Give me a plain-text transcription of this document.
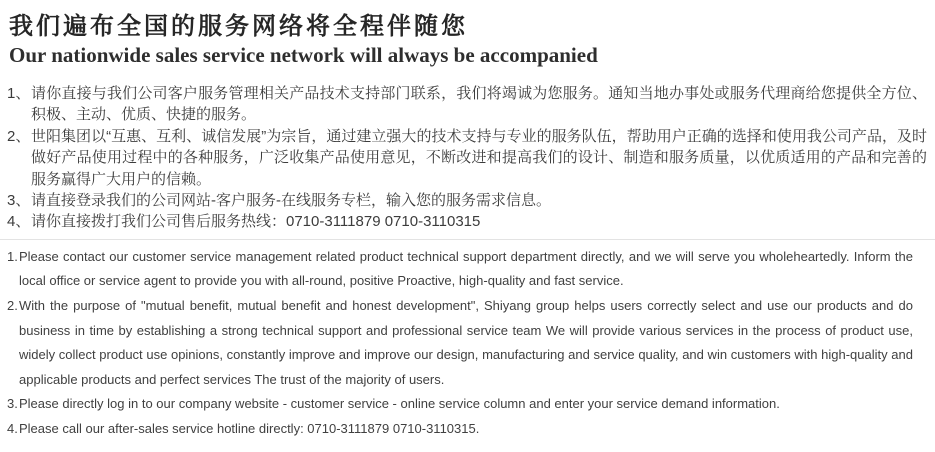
我们遍布全国的服务网络将全程伴随您
Our nationwide sales service network will always be accompanied
1、 请你直接与我们公司客户服务管理相关产品技术支持部门联系，我们将竭诚为您服务。通知当地办事处或服务代理商给您提供全方位、积极、主动、优质、快捷的服务。
2、 世阳集团以“互惠、互利、诚信发展”为宗旨，通过建立强大的技术支持与专业的服务队伍，帮助用户正确的选择和使用我公司产品，及时做好产品使用过程中的各种服务，广泛收集产品使用意见，不断改进和提高我们的设计、制造和服务质量，以优质适用的产品和完善的服务赢得广大用户的信赖。
3、 请直接登录我们的公司网站-客户服务-在线服务专栏，输入您的服务需求信息。
4、 请你直接拨打我们公司售后服务热线：0710-3111879 0710-3110315
1. Please contact our customer service management related product technical support department directly, and we will serve you wholeheartedly. Inform the local office or service agent to provide you with all-round, positive Proactive, high-quality and fast service.
2. With the purpose of "mutual benefit, mutual benefit and honest development", Shiyang group helps users correctly select and use our products and do business in time by establishing a strong technical support and professional service team We will provide various services in the process of product use, widely collect product use opinions, constantly improve and improve our design, manufacturing and service quality, and win customers with high-quality and applicable products and perfect services The trust of the majority of users.
3. Please directly log in to our company website - customer service - online service column and enter your service demand information.
4. Please call our after-sales service hotline directly: 0710-3111879 0710-3110315.
